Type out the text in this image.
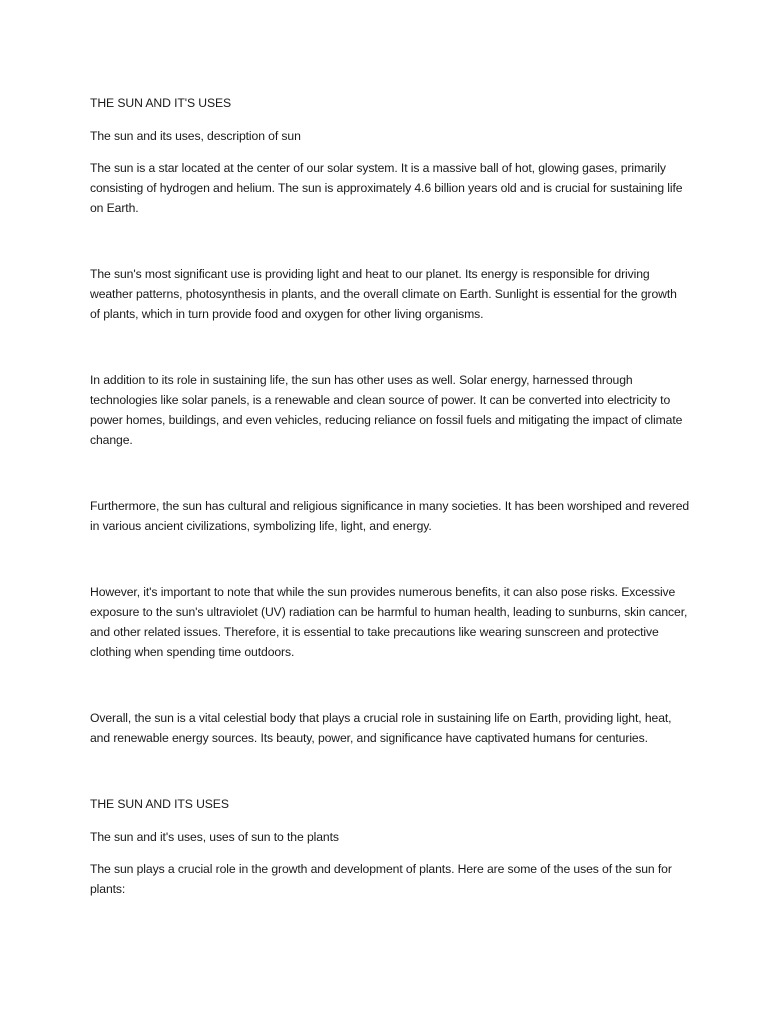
THE SUN AND IT'S USES

The sun and its uses, description of sun

The sun is a star located at the center of our solar system. It is a massive ball of hot, glowing gases, primarily consisting of hydrogen and helium. The sun is approximately 4.6 billion years old and is crucial for sustaining life on Earth.

The sun's most significant use is providing light and heat to our planet. Its energy is responsible for driving weather patterns, photosynthesis in plants, and the overall climate on Earth. Sunlight is essential for the growth of plants, which in turn provide food and oxygen for other living organisms.

In addition to its role in sustaining life, the sun has other uses as well. Solar energy, harnessed through technologies like solar panels, is a renewable and clean source of power. It can be converted into electricity to power homes, buildings, and even vehicles, reducing reliance on fossil fuels and mitigating the impact of climate change.

Furthermore, the sun has cultural and religious significance in many societies. It has been worshiped and revered in various ancient civilizations, symbolizing life, light, and energy.

However, it's important to note that while the sun provides numerous benefits, it can also pose risks. Excessive exposure to the sun's ultraviolet (UV) radiation can be harmful to human health, leading to sunburns, skin cancer, and other related issues. Therefore, it is essential to take precautions like wearing sunscreen and protective clothing when spending time outdoors.

Overall, the sun is a vital celestial body that plays a crucial role in sustaining life on Earth, providing light, heat, and renewable energy sources. Its beauty, power, and significance have captivated humans for centuries.

THE SUN AND ITS USES

The sun and it's uses, uses of sun to the plants

The sun plays a crucial role in the growth and development of plants. Here are some of the uses of the sun for plants:
